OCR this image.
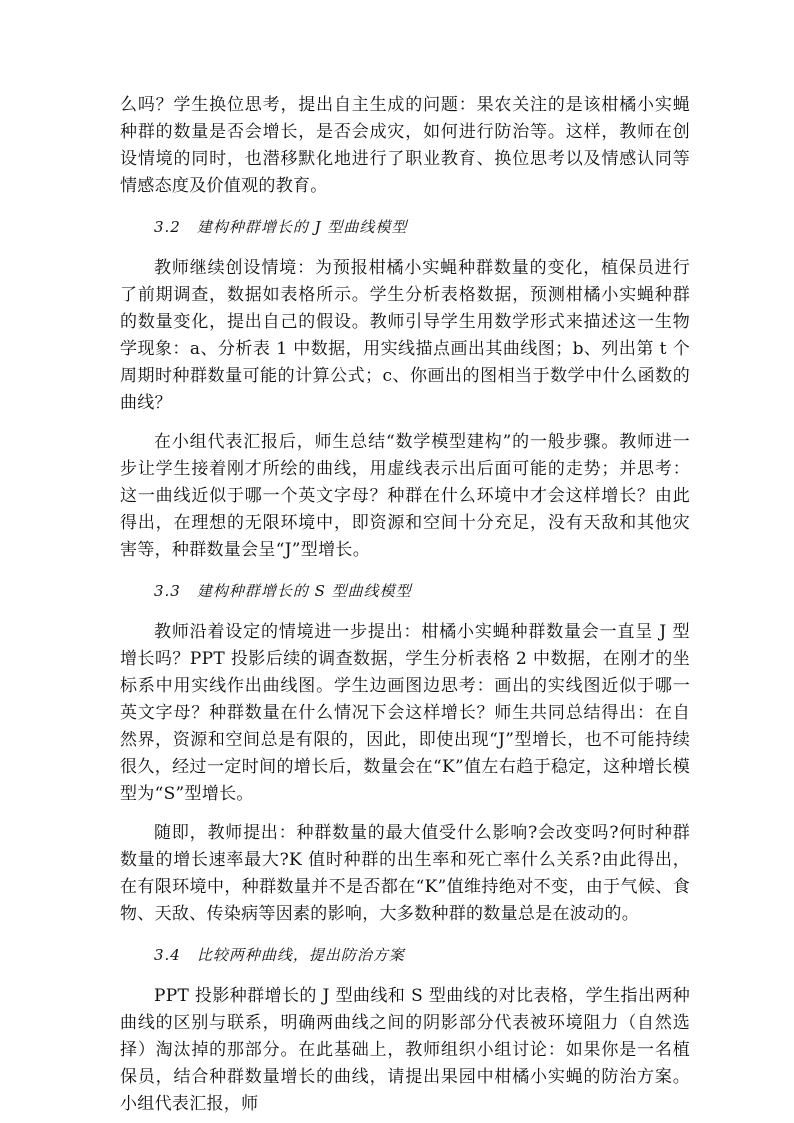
么吗？学生换位思考，提出自主生成的问题：果农关注的是该柑橘小实蝇种群的数量是否会增长，是否会成灾，如何进行防治等。这样，教师在创设情境的同时，也潜移默化地进行了职业教育、换位思考以及情感认同等情感态度及价值观的教育。

3.2　建构种群增长的 J 型曲线模型

教师继续创设情境：为预报柑橘小实蝇种群数量的变化，植保员进行了前期调查，数据如表格所示。学生分析表格数据，预测柑橘小实蝇种群的数量变化，提出自己的假设。教师引导学生用数学形式来描述这一生物学现象：a、分析表 1 中数据，用实线描点画出其曲线图；b、列出第 t 个周期时种群数量可能的计算公式；c、你画出的图相当于数学中什么函数的曲线？

在小组代表汇报后，师生总结“数学模型建构”的一般步骤。教师进一步让学生接着刚才所绘的曲线，用虚线表示出后面可能的走势；并思考：这一曲线近似于哪一个英文字母？种群在什么环境中才会这样增长？由此得出，在理想的无限环境中，即资源和空间十分充足，没有天敌和其他灾害等，种群数量会呈“J”型增长。

3.3　建构种群增长的 S 型曲线模型

教师沿着设定的情境进一步提出：柑橘小实蝇种群数量会一直呈 J 型增长吗？PPT 投影后续的调查数据，学生分析表格 2 中数据，在刚才的坐标系中用实线作出曲线图。学生边画图边思考：画出的实线图近似于哪一英文字母？种群数量在什么情况下会这样增长？师生共同总结得出：在自然界，资源和空间总是有限的，因此，即使出现“J”型增长，也不可能持续很久，经过一定时间的增长后，数量会在“K”值左右趋于稳定，这种增长模型为“S”型增长。

随即，教师提出：种群数量的最大值受什么影响?会改变吗?何时种群数量的增长速率最大?K 值时种群的出生率和死亡率什么关系?由此得出，在有限环境中，种群数量并不是否都在“K”值维持绝对不变，由于气候、食物、天敌、传染病等因素的影响，大多数种群的数量总是在波动的。

3.4　比较两种曲线，提出防治方案

PPT 投影种群增长的 J 型曲线和 S 型曲线的对比表格，学生指出两种曲线的区别与联系，明确两曲线之间的阴影部分代表被环境阻力（自然选择）淘汰掉的那部分。在此基础上，教师组织小组讨论：如果你是一名植保员，结合种群数量增长的曲线，请提出果园中柑橘小实蝇的防治方案。小组代表汇报，师
